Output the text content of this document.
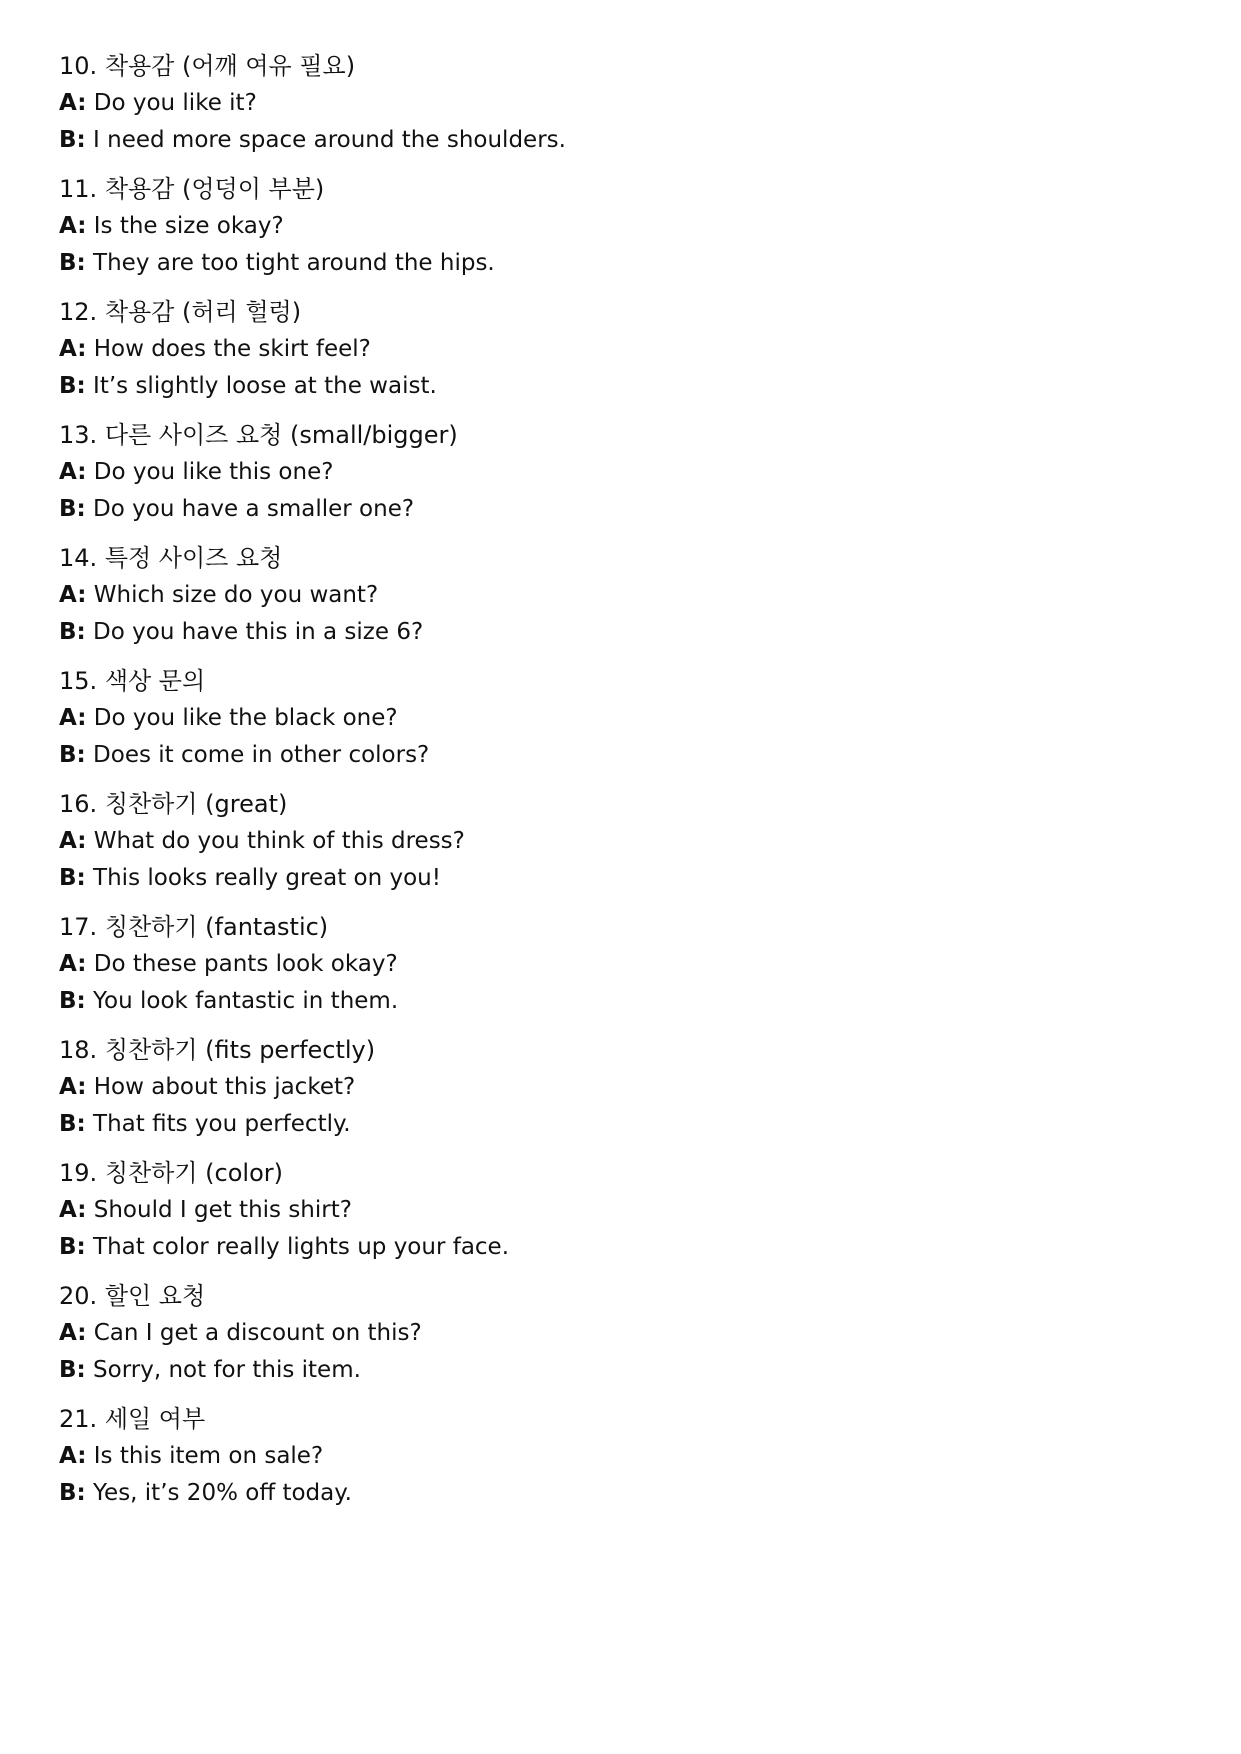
10. 착용감 (어깨 여유 필요)
A: Do you like it?
B: I need more space around the shoulders.
11. 착용감 (엉덩이 부분)
A: Is the size okay?
B: They are too tight around the hips.
12. 착용감 (허리 헐렁)
A: How does the skirt feel?
B: It’s slightly loose at the waist.
13. 다른 사이즈 요청 (small/bigger)
A: Do you like this one?
B: Do you have a smaller one?
14. 특정 사이즈 요청
A: Which size do you want?
B: Do you have this in a size 6?
15. 색상 문의
A: Do you like the black one?
B: Does it come in other colors?
16. 칭찬하기 (great)
A: What do you think of this dress?
B: This looks really great on you!
17. 칭찬하기 (fantastic)
A: Do these pants look okay?
B: You look fantastic in them.
18. 칭찬하기 (fits perfectly)
A: How about this jacket?
B: That fits you perfectly.
19. 칭찬하기 (color)
A: Should I get this shirt?
B: That color really lights up your face.
20. 할인 요청
A: Can I get a discount on this?
B: Sorry, not for this item.
21. 세일 여부
A: Is this item on sale?
B: Yes, it’s 20% off today.
